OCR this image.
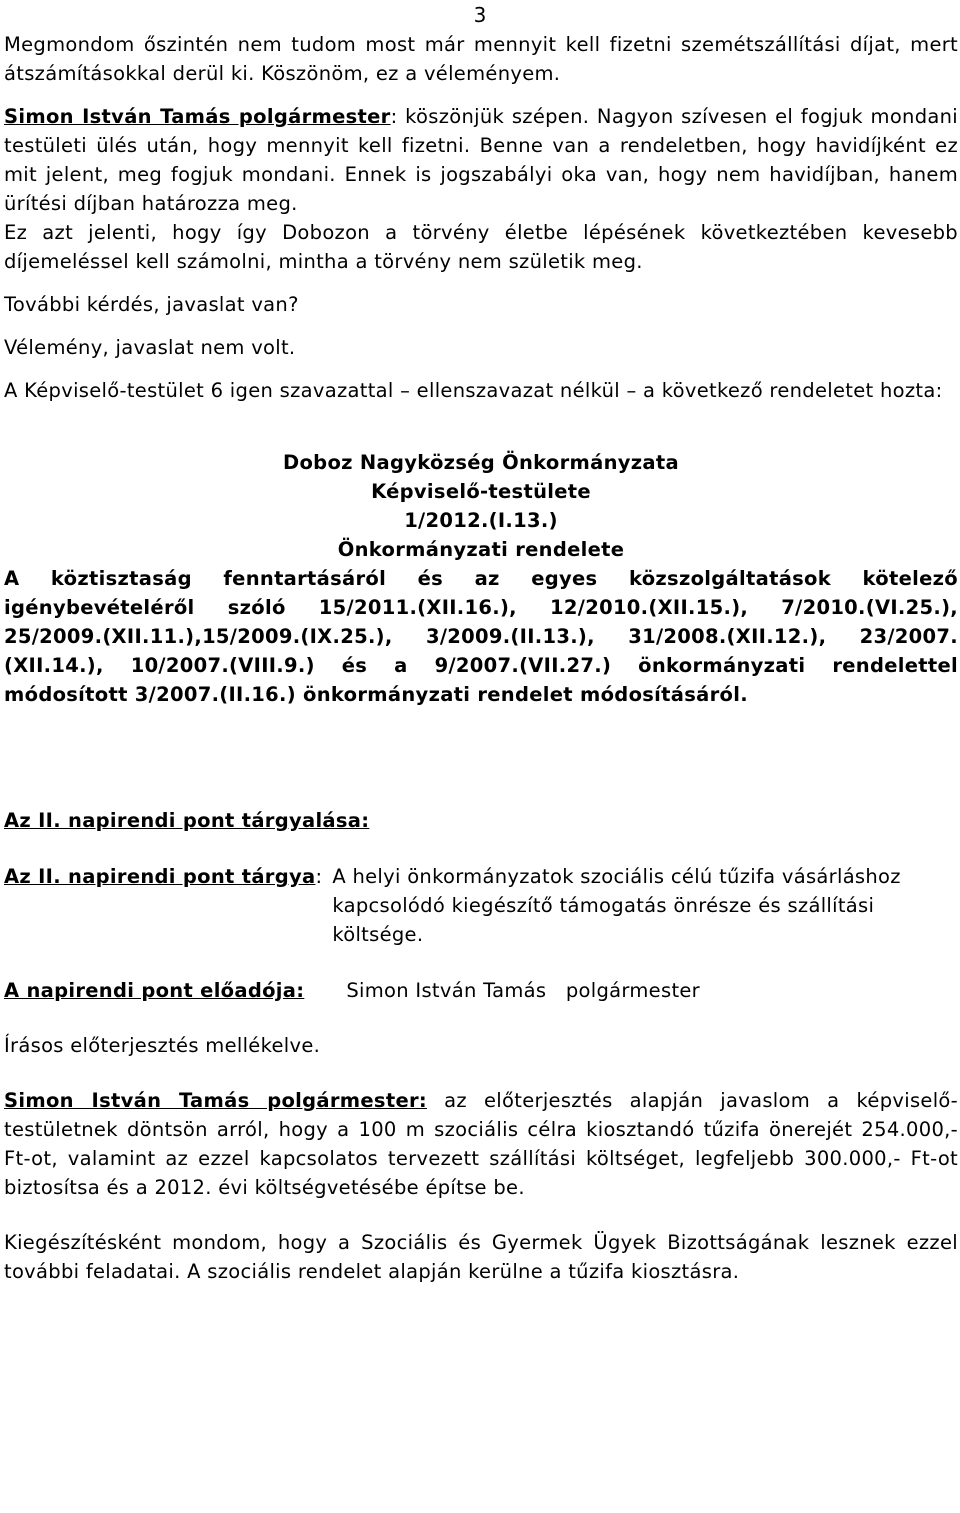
3

Megmondom őszintén nem tudom most már mennyit kell fizetni szemétszállítási díjat, mert átszámításokkal derül ki. Köszönöm, ez a véleményem.

Simon István Tamás polgármester: köszönjük szépen. Nagyon szívesen el fogjuk mondani testületi ülés után, hogy mennyit kell fizetni. Benne van a rendeletben, hogy havidíjként ez mit jelent, meg fogjuk mondani. Ennek is jogszabályi oka van, hogy nem havidíjban, hanem ürítési díjban határozza meg.

Ez azt jelenti, hogy így Dobozon a törvény életbe lépésének következtében kevesebb díjemeléssel kell számolni, mintha a törvény nem születik meg.

További kérdés, javaslat van?

Vélemény, javaslat nem volt.

A Képviselő-testület 6 igen szavazattal – ellenszavazat nélkül – a következő rendeletet hozta:

Doboz Nagyközség Önkormányzata
Képviselő-testülete
1/2012.(I.13.)
Önkormányzati rendelete
A köztisztaság fenntartásáról és az egyes közszolgáltatások kötelező igénybevételéről szóló 15/2011.(XII.16.), 12/2010.(XII.15.), 7/2010.(VI.25.), 25/2009.(XII.11.),15/2009.(IX.25.), 3/2009.(II.13.), 31/2008.(XII.12.), 23/2007.(XII.14.), 10/2007.(VIII.9.) és a 9/2007.(VII.27.) önkormányzati rendelettel módosított 3/2007.(II.16.) önkormányzati rendelet módosításáról.

Az II. napirendi pont tárgyalása:

Az II. napirendi pont tárgya: A helyi önkormányzatok szociális célú tűzifa vásárláshoz kapcsolódó kiegészítő támogatás önrésze és szállítási költsége.
A napirendi pont előadója: Simon István Tamás   polgármester

Írásos előterjesztés mellékelve.

Simon István Tamás polgármester: az előterjesztés alapján javaslom a képviselő-testületnek döntsön arról, hogy a 100 m szociális célra kiosztandó tűzifa önerejét 254.000,- Ft-ot, valamint az ezzel kapcsolatos tervezett szállítási költséget, legfeljebb 300.000,- Ft-ot biztosítsa és a 2012. évi költségvetésébe építse be.

Kiegészítésként mondom, hogy a Szociális és Gyermek Ügyek Bizottságának lesznek ezzel további feladatai. A szociális rendelet alapján kerülne a tűzifa kiosztásra.
